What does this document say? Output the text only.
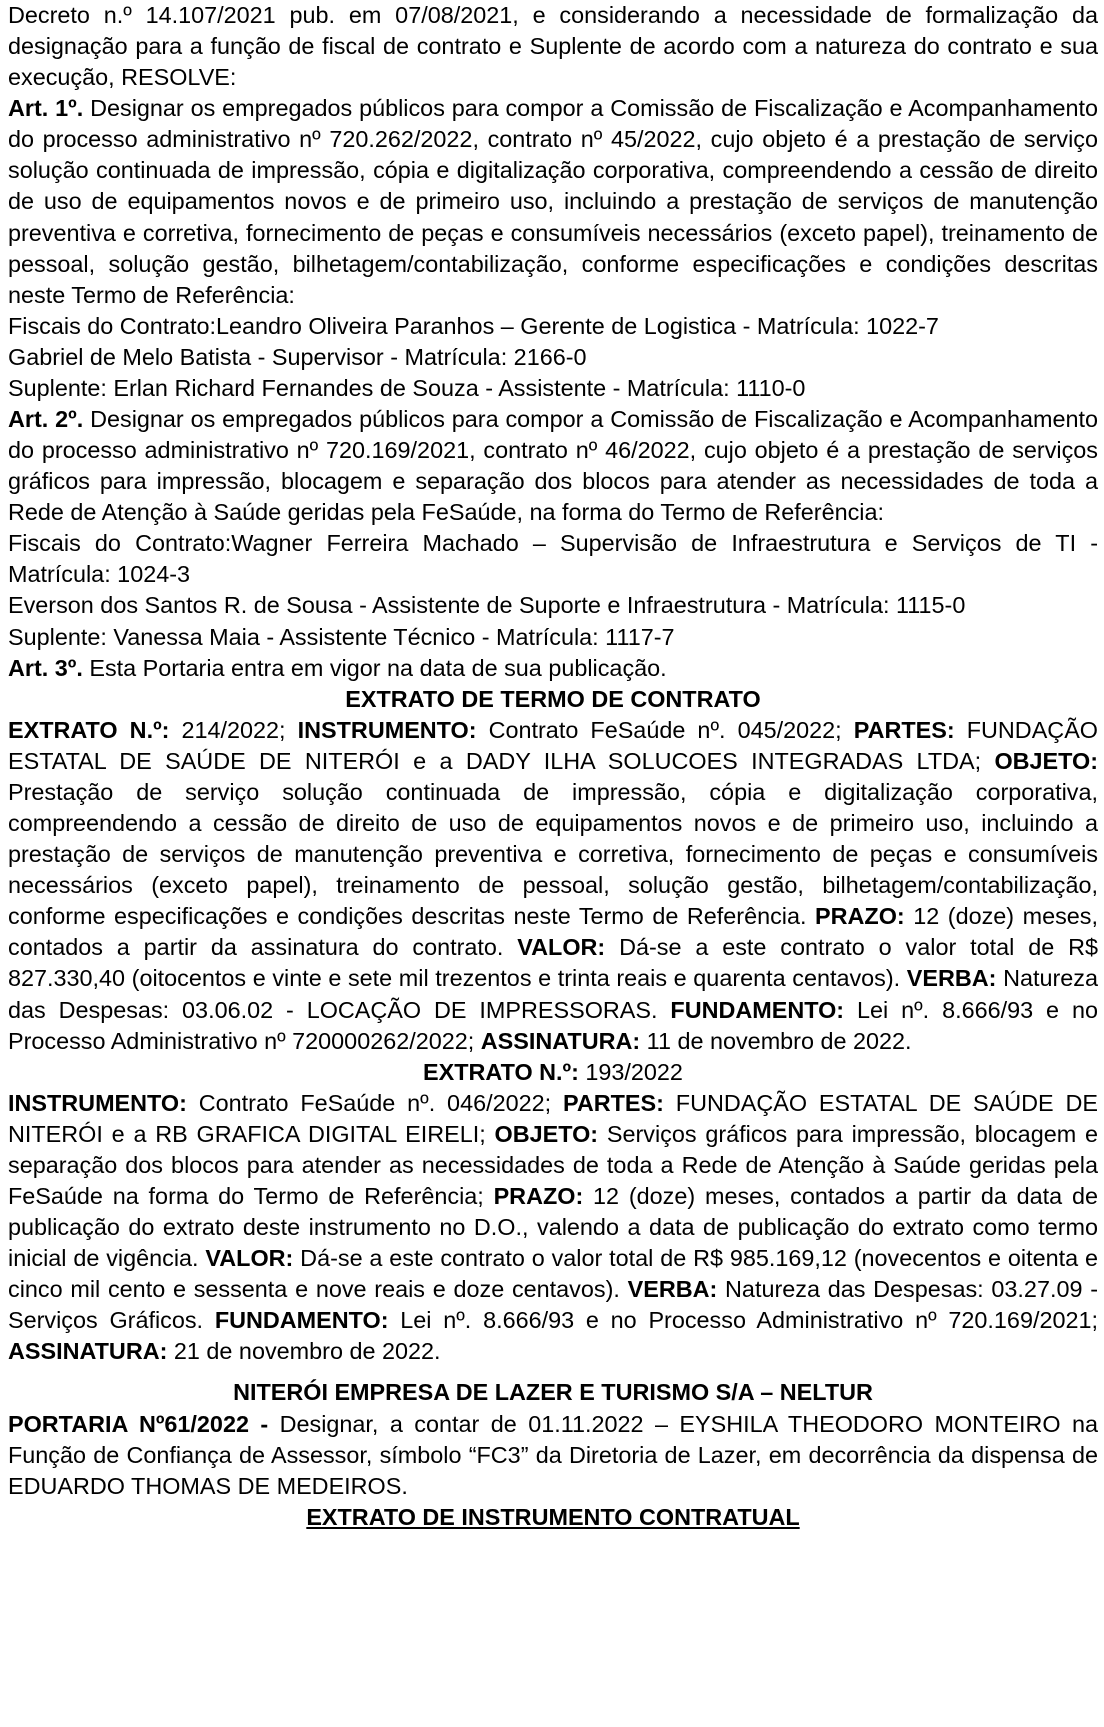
Decreto n.º 14.107/2021 pub. em 07/08/2021, e considerando a necessidade de formalização da designação para a função de fiscal de contrato e Suplente de acordo com a natureza do contrato e sua execução, RESOLVE:

Art. 1º. Designar os empregados públicos para compor a Comissão de Fiscalização e Acompanhamento do processo administrativo nº 720.262/2022, contrato nº 45/2022, cujo objeto é a prestação de serviço solução continuada de impressão, cópia e digitalização corporativa, compreendendo a cessão de direito de uso de equipamentos novos e de primeiro uso, incluindo a prestação de serviços de manutenção preventiva e corretiva, fornecimento de peças e consumíveis necessários (exceto papel), treinamento de pessoal, solução gestão, bilhetagem/contabilização, conforme especificações e condições descritas neste Termo de Referência:

Fiscais do Contrato:Leandro Oliveira Paranhos – Gerente de Logistica - Matrícula: 1022-7

Gabriel de Melo Batista - Supervisor - Matrícula: 2166-0

Suplente: Erlan Richard Fernandes de Souza - Assistente - Matrícula: 1110-0

Art. 2º. Designar os empregados públicos para compor a Comissão de Fiscalização e Acompanhamento do processo administrativo nº 720.169/2021, contrato nº 46/2022, cujo objeto é a prestação de serviços gráficos para impressão, blocagem e separação dos blocos para atender as necessidades de toda a Rede de Atenção à Saúde geridas pela FeSaúde, na forma do Termo de Referência:

Fiscais do Contrato:Wagner Ferreira Machado – Supervisão de Infraestrutura e Serviços de TI - Matrícula: 1024-3

Everson dos Santos R. de Sousa - Assistente de Suporte e Infraestrutura - Matrícula: 1115-0

Suplente: Vanessa Maia - Assistente Técnico - Matrícula: 1117-7

Art. 3º. Esta Portaria entra em vigor na data de sua publicação.

EXTRATO DE TERMO DE CONTRATO

EXTRATO N.º: 214/2022; INSTRUMENTO: Contrato FeSaúde nº. 045/2022; PARTES: FUNDAÇÃO ESTATAL DE SAÚDE DE NITERÓI e a DADY ILHA SOLUCOES INTEGRADAS LTDA; OBJETO: Prestação de serviço solução continuada de impressão, cópia e digitalização corporativa, compreendendo a cessão de direito de uso de equipamentos novos e de primeiro uso, incluindo a prestação de serviços de manutenção preventiva e corretiva, fornecimento de peças e consumíveis necessários (exceto papel), treinamento de pessoal, solução gestão, bilhetagem/contabilização, conforme especificações e condições descritas neste Termo de Referência. PRAZO: 12 (doze) meses, contados a partir da assinatura do contrato. VALOR: Dá-se a este contrato o valor total de R$ 827.330,40 (oitocentos e vinte e sete mil trezentos e trinta reais e quarenta centavos). VERBA: Natureza das Despesas: 03.06.02 - LOCAÇÃO DE IMPRESSORAS. FUNDAMENTO: Lei nº. 8.666/93 e no Processo Administrativo nº 720000262/2022; ASSINATURA: 11 de novembro de 2022.

EXTRATO N.º: 193/2022

INSTRUMENTO: Contrato FeSaúde nº. 046/2022; PARTES: FUNDAÇÃO ESTATAL DE SAÚDE DE NITERÓI e a RB GRAFICA DIGITAL EIRELI; OBJETO: Serviços gráficos para impressão, blocagem e separação dos blocos para atender as necessidades de toda a Rede de Atenção à Saúde geridas pela FeSaúde na forma do Termo de Referência; PRAZO: 12 (doze) meses, contados a partir da data de publicação do extrato deste instrumento no D.O., valendo a data de publicação do extrato como termo inicial de vigência. VALOR: Dá-se a este contrato o valor total de R$ 985.169,12 (novecentos e oitenta e cinco mil cento e sessenta e nove reais e doze centavos). VERBA: Natureza das Despesas: 03.27.09 - Serviços Gráficos. FUNDAMENTO: Lei nº. 8.666/93 e no Processo Administrativo nº 720.169/2021; ASSINATURA: 21 de novembro de 2022.

NITERÓI EMPRESA DE LAZER E TURISMO S/A – NELTUR

PORTARIA Nº61/2022 - Designar, a contar de 01.11.2022 – EYSHILA THEODORO MONTEIRO na Função de Confiança de Assessor, símbolo “FC3” da Diretoria de Lazer, em decorrência da dispensa de EDUARDO THOMAS DE MEDEIROS.

EXTRATO DE INSTRUMENTO CONTRATUAL
